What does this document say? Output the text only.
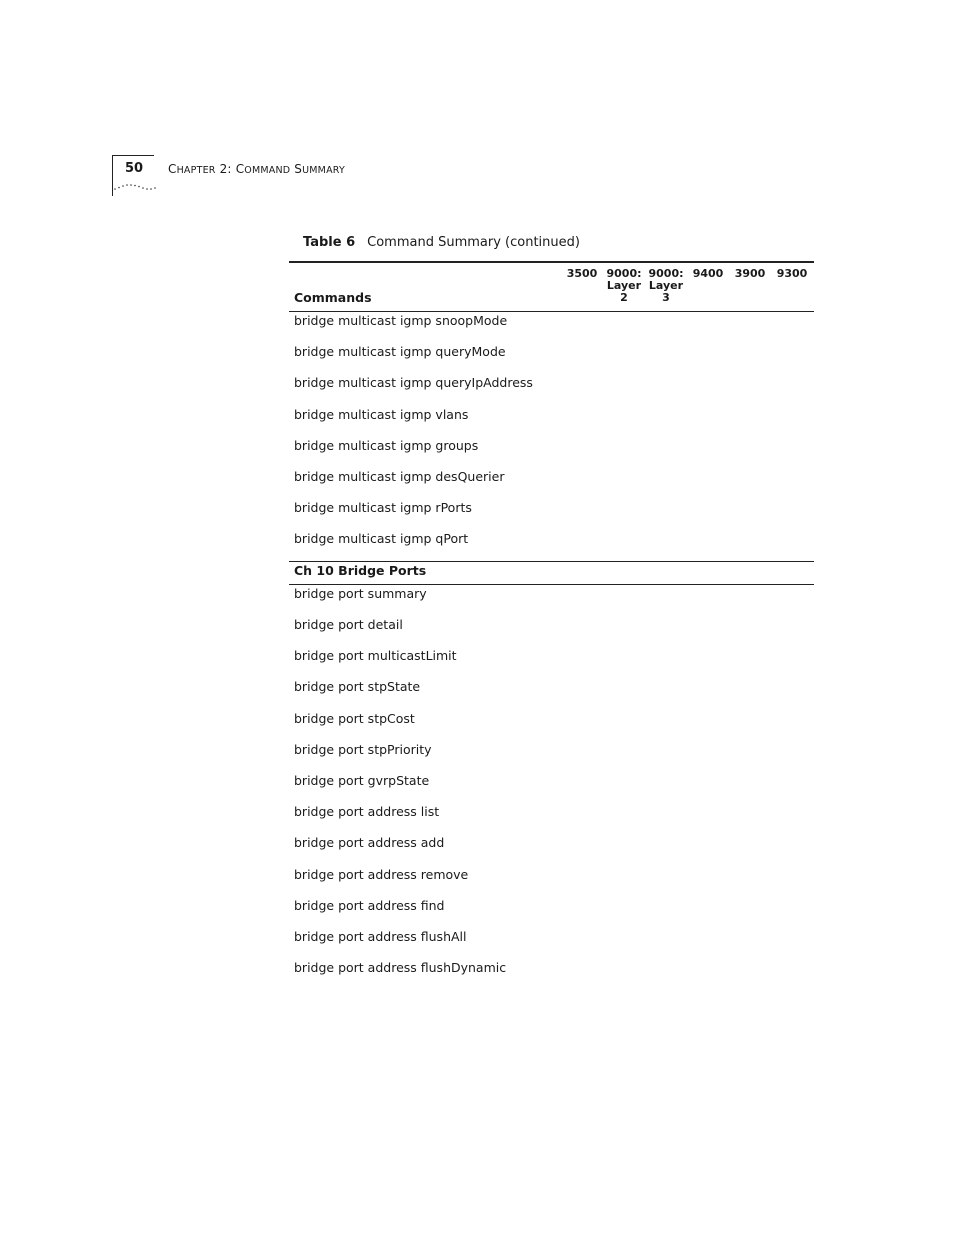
50 CHAPTER 2: COMMAND SUMMARY
Table 6 Command Summary (continued)
3500 9000:
Layer
2
9000:
Layer
3
9400	3900	9300
Commands
bridge multicast igmp snoopMode
bridge multicast igmp queryMode
bridge multicast igmp queryIpAddress
bridge multicast igmp vlans
bridge multicast igmp groups
bridge multicast igmp desQuerier
bridge multicast igmp rPorts
bridge multicast igmp qPort
Ch 10 Bridge Ports
bridge port summary
bridge port detail
bridge port multicastLimit
bridge port stpState
bridge port stpCost
bridge port stpPriority
bridge port gvrpState
bridge port address list
bridge port address add
bridge port address remove
bridge port address find
bridge port address flushAll
bridge port address flushDynamic
